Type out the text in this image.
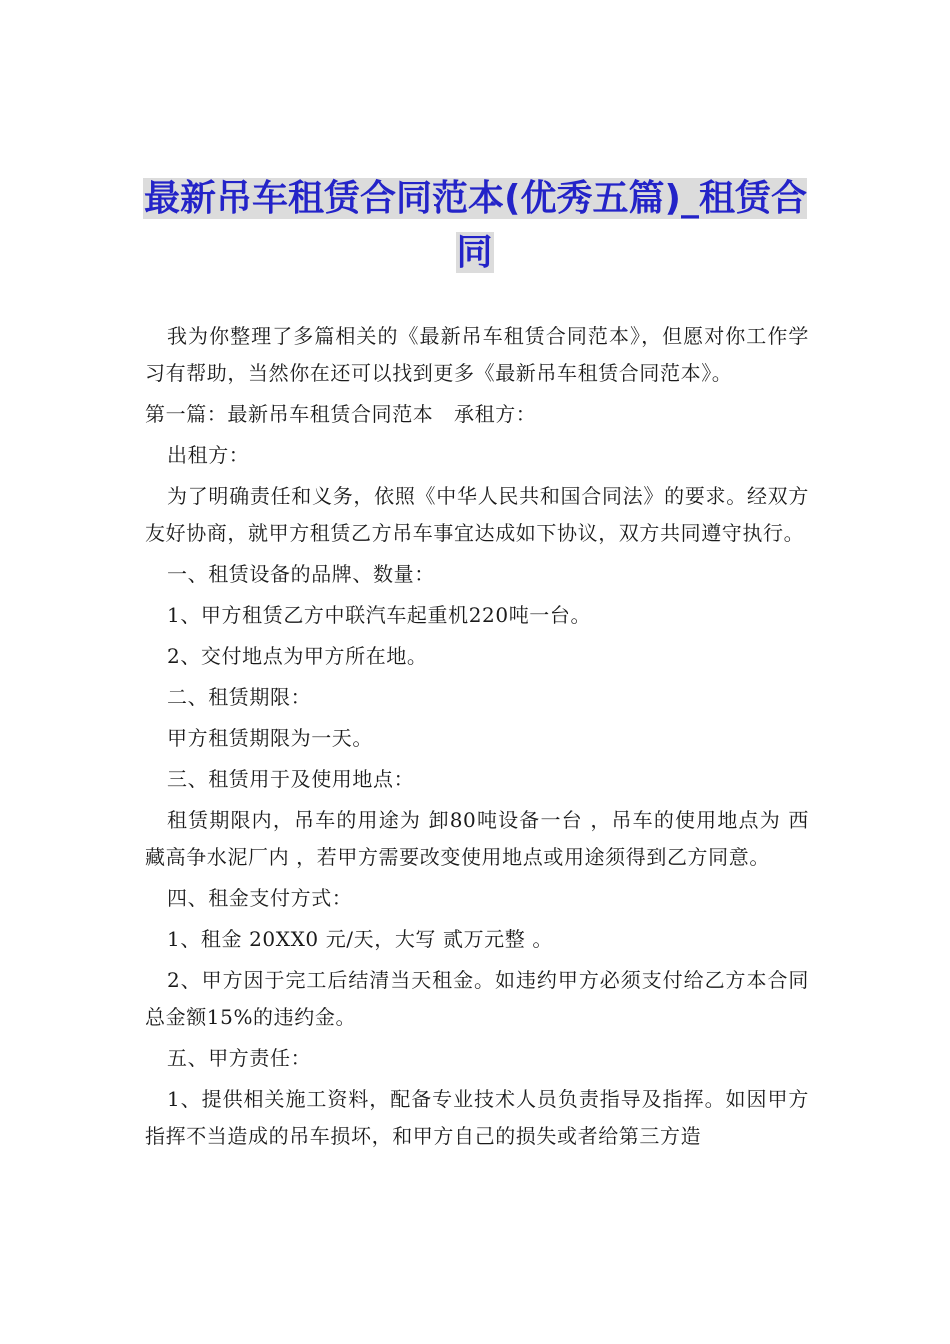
最新吊车租赁合同范本(优秀五篇)_租赁合同

我为你整理了多篇相关的《最新吊车租赁合同范本》，但愿对你工作学习有帮助，当然你在还可以找到更多《最新吊车租赁合同范本》。

第一篇：最新吊车租赁合同范本　承租方：

出租方：

为了明确责任和义务，依照《中华人民共和国合同法》的要求。经双方友好协商，就甲方租赁乙方吊车事宜达成如下协议，双方共同遵守执行。

一、租赁设备的品牌、数量：

1、甲方租赁乙方中联汽车起重机220吨一台。

2、交付地点为甲方所在地。

二、租赁期限：

甲方租赁期限为一天。

三、租赁用于及使用地点：

租赁期限内，吊车的用途为 卸80吨设备一台 ，吊车的使用地点为 西藏高争水泥厂内 ，若甲方需要改变使用地点或用途须得到乙方同意。

四、租金支付方式：

1、租金 20XX0 元/天，大写 贰万元整 。

2、甲方因于完工后结清当天租金。如违约甲方必须支付给乙方本合同总金额15%的违约金。

五、甲方责任：

1、提供相关施工资料，配备专业技术人员负责指导及指挥。如因甲方指挥不当造成的吊车损坏，和甲方自己的损失或者给第三方造
